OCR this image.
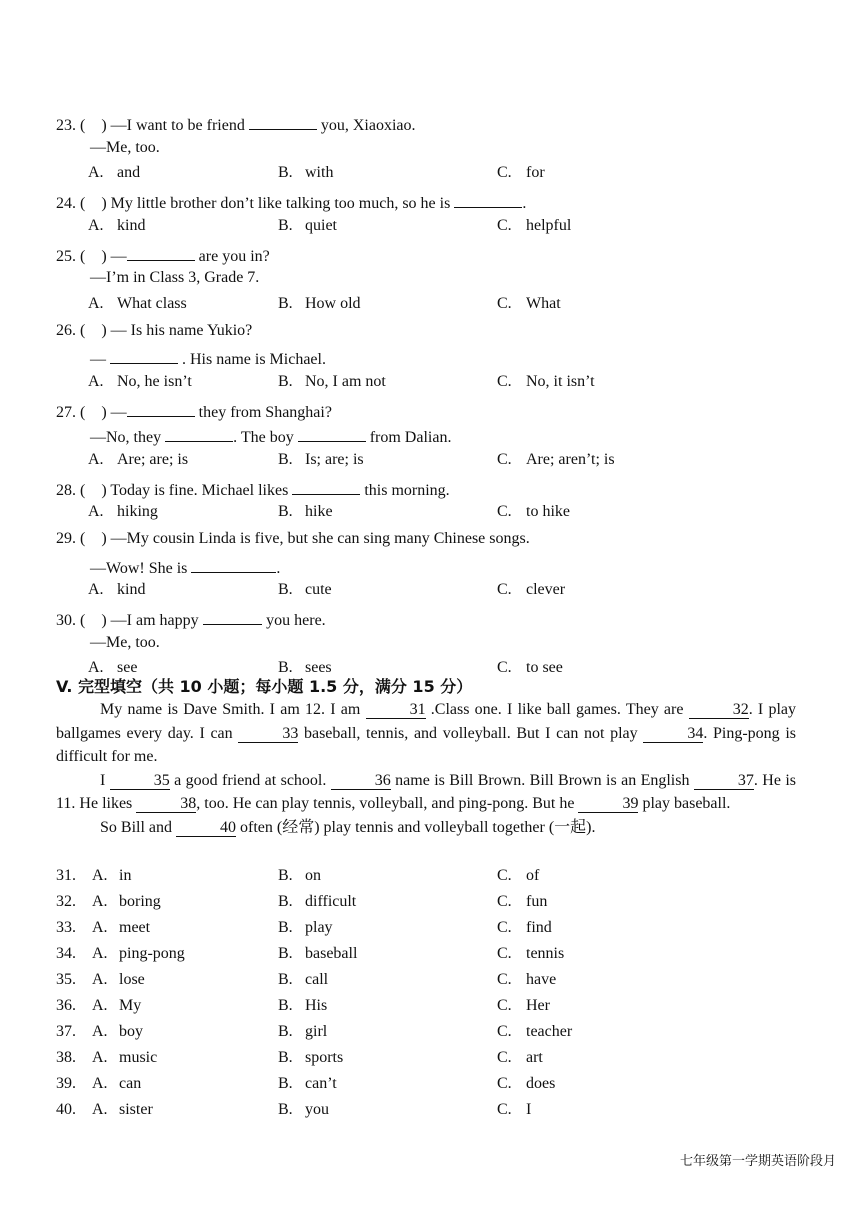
23. (    ) —I want to be friend	you, Xiaoxiao.
—Me, too.
A. and	B. with	C. for
24. (    ) My little brother don’t like talking too much, so he is	.
A. kind	B. quiet	C. helpful
25. (    ) —	are you in?
—I’m in Class 3, Grade 7.
A. What class	B. How old	C. What
26. (    ) — Is his name Yukio?
—	. His name is Michael.
A. No, he isn’t	B. No, I am not	C. No, it isn’t
27. (    ) —	they from Shanghai?
—No, they	. The boy	from Dalian.
A. Are; are; is	B. Is; are; is	C. Are; aren’t; is
28. (    ) Today is fine. Michael likes	this morning.
A. hiking	B. hike	C. to hike
29. (    ) —My cousin Linda is five, but she can sing many Chinese songs.
—Wow! She is	.
A. kind	B. cute	C. clever
30. (    ) —I am happy	you here.
—Me, too.
A. see	B. sees	C. to see
V. 完型填空（共 10 小题；每小题 1.5 分，满分 15 分）

My name is Dave Smith. I am 12. I am	31 .Class one. I like ball games. They are	32. I play ballgames every day. I can	33 baseball, tennis, and volleyball. But I can not play	34. Ping-pong is difficult for me.

I	35 a good friend at school.	36 name is Bill Brown. Bill Brown is an English	37. He is 11. He likes	38, too. He can play tennis, volleyball, and ping-pong. But he	39 play baseball.

So Bill and	40 often (经常) play tennis and volleyball together (一起).

31. A. in	B. on	C. of
32. A. boring	B. difficult	C. fun
33. A. meet	B. play	C. find
34. A. ping-pong	B. baseball	C. tennis
35. A. lose	B. call	C. have
36. A. My	B. His	C. Her
37. A. boy	B. girl	C. teacher
38. A. music	B. sports	C. art
39. A. can	B. can’t	C. does
40. A. sister	B. you	C. I
七年级第一学期英语阶段月
